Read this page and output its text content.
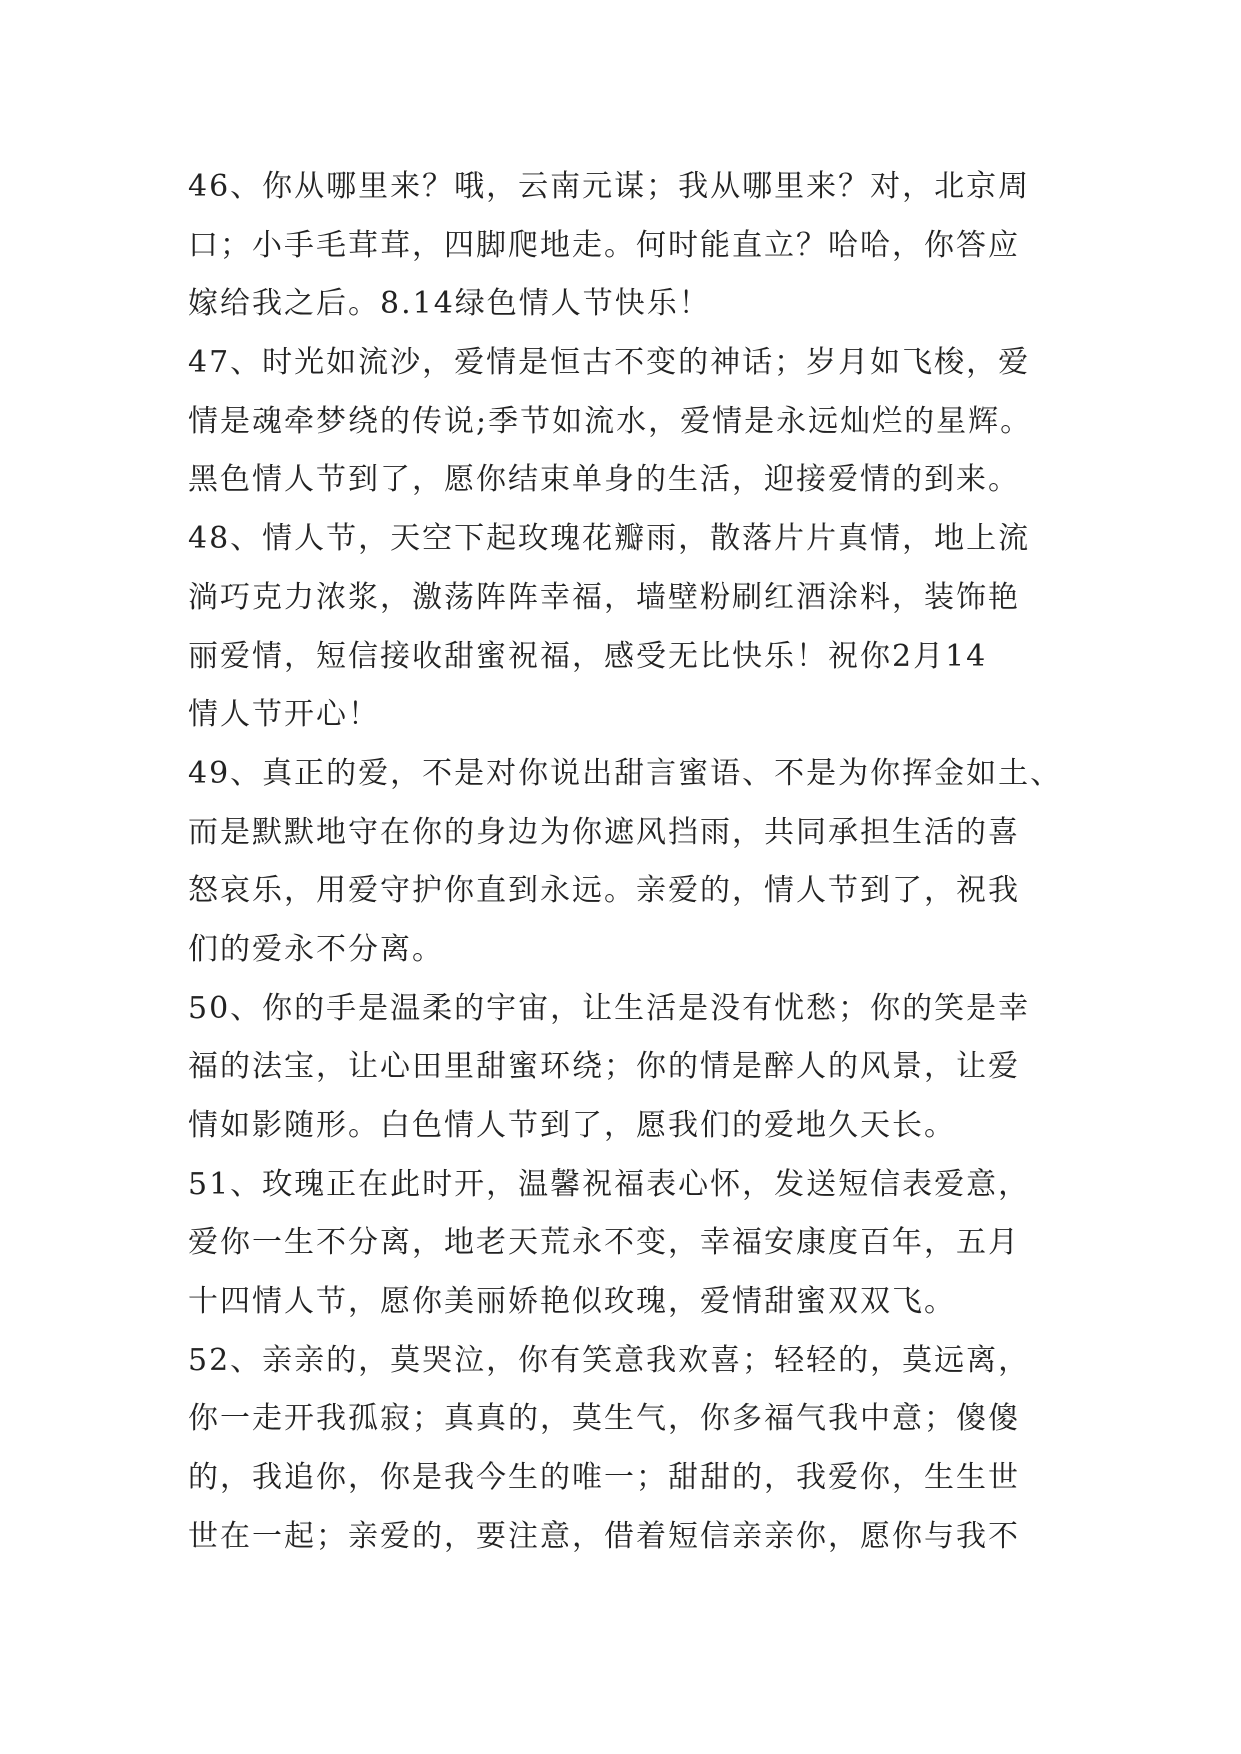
46、你从哪里来？哦，云南元谋；我从哪里来？对，北京周
口；小手毛茸茸，四脚爬地走。何时能直立？哈哈，你答应
嫁给我之后。8.14绿色情人节快乐！
47、时光如流沙，爱情是恒古不变的神话；岁月如飞梭，爱
情是魂牵梦绕的传说;季节如流水，爱情是永远灿烂的星辉。
黑色情人节到了，愿你结束单身的生活，迎接爱情的到来。
48、情人节，天空下起玫瑰花瓣雨，散落片片真情，地上流
淌巧克力浓浆，激荡阵阵幸福，墙壁粉刷红酒涂料，装饰艳
丽爱情，短信接收甜蜜祝福，感受无比快乐！祝你2月14
情人节开心！
49、真正的爱，不是对你说出甜言蜜语、不是为你挥金如土、
而是默默地守在你的身边为你遮风挡雨，共同承担生活的喜
怒哀乐，用爱守护你直到永远。亲爱的，情人节到了，祝我
们的爱永不分离。
50、你的手是温柔的宇宙，让生活是没有忧愁；你的笑是幸
福的法宝，让心田里甜蜜环绕；你的情是醉人的风景，让爱
情如影随形。白色情人节到了，愿我们的爱地久天长。
51、玫瑰正在此时开，温馨祝福表心怀，发送短信表爱意，
爱你一生不分离，地老天荒永不变，幸福安康度百年，五月
十四情人节，愿你美丽娇艳似玫瑰，爱情甜蜜双双飞。
52、亲亲的，莫哭泣，你有笑意我欢喜；轻轻的，莫远离，
你一走开我孤寂；真真的，莫生气，你多福气我中意；傻傻
的，我追你，你是我今生的唯一；甜甜的，我爱你，生生世
世在一起；亲爱的，要注意，借着短信亲亲你，愿你与我不
